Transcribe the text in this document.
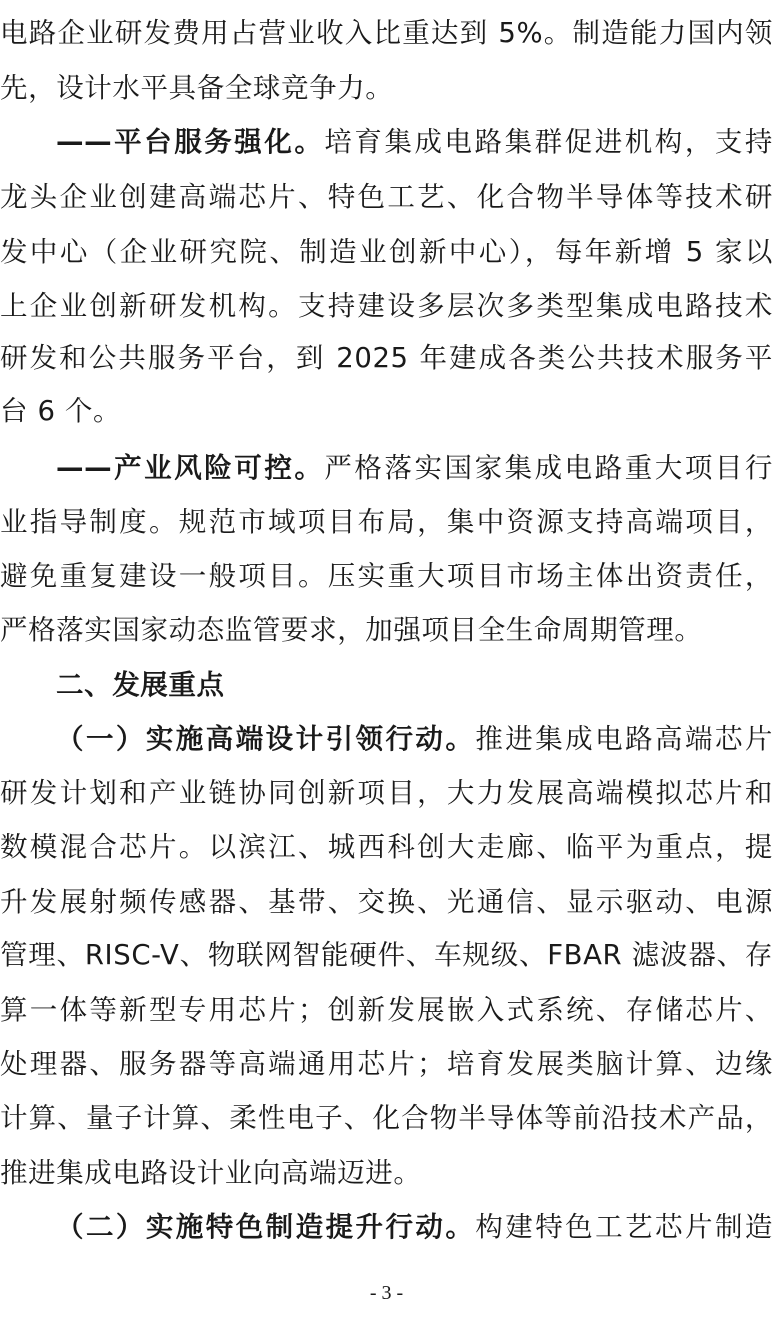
电路企业研发费用占营业收入比重达到 5%。制造能力国内领
先，设计水平具备全球竞争力。
——平台服务强化。培育集成电路集群促进机构，支持
龙头企业创建高端芯片、特色工艺、化合物半导体等技术研
发中心（企业研究院、制造业创新中心），每年新增 5 家以
上企业创新研发机构。支持建设多层次多类型集成电路技术
研发和公共服务平台，到 2025 年建成各类公共技术服务平
台 6 个。
——产业风险可控。严格落实国家集成电路重大项目行
业指导制度。规范市域项目布局，集中资源支持高端项目，
避免重复建设一般项目。压实重大项目市场主体出资责任，
严格落实国家动态监管要求，加强项目全生命周期管理。
二、发展重点
（一）实施高端设计引领行动。推进集成电路高端芯片
研发计划和产业链协同创新项目，大力发展高端模拟芯片和
数模混合芯片。以滨江、城西科创大走廊、临平为重点，提
升发展射频传感器、基带、交换、光通信、显示驱动、电源
管理、RISC-V、物联网智能硬件、车规级、FBAR 滤波器、存
算一体等新型专用芯片；创新发展嵌入式系统、存储芯片、
处理器、服务器等高端通用芯片；培育发展类脑计算、边缘
计算、量子计算、柔性电子、化合物半导体等前沿技术产品，
推进集成电路设计业向高端迈进。
（二）实施特色制造提升行动。构建特色工艺芯片制造
- 3 -
